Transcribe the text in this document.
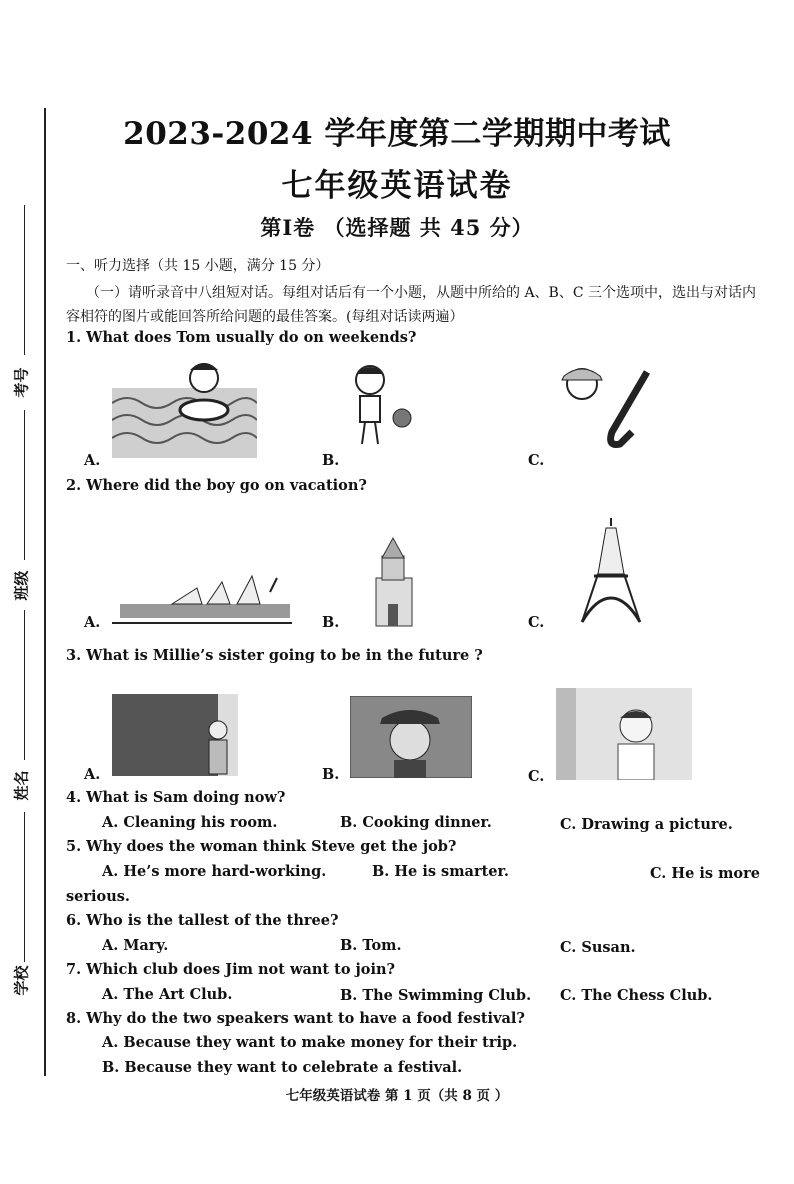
考号
班级
姓名
学校
2023-2024 学年度第二学期期中考试
七年级英语试卷
第Ⅰ卷 （选择题 共 45 分）
一、听力选择（共 15 小题，满分 15 分）
（一）请听录音中八组短对话。每组对话后有一个小题，从题中所给的 A、B、C 三个选项中，选出与对话内容相符的图片或能回答所给问题的最佳答案。(每组对话读两遍）
1. What does Tom usually do on weekends?
A.	B.	C.
2. Where did the boy go on vacation?
A.	B.	C.
3. What is Millie’s sister going to be in the future ?
A.	B.	C.
4. What is Sam doing now?
A. Cleaning his room.	B. Cooking dinner.	C. Drawing a picture.
5. Why does the woman think Steve get the job?
A. He’s more hard-working.	B. He is smarter.	C. He is more
serious.
6. Who is the tallest of the three?
A. Mary.	B. Tom.	C. Susan.
7. Which club does Jim not want to join?
A. The Art Club.	B. The Swimming Club. C. The Chess Club.
8. Why do the two speakers want to have a food festival?
A. Because they want to make money for their trip.
B. Because they want to celebrate a festival.
七年级英语试卷 第 1 页（共 8 页 ）
